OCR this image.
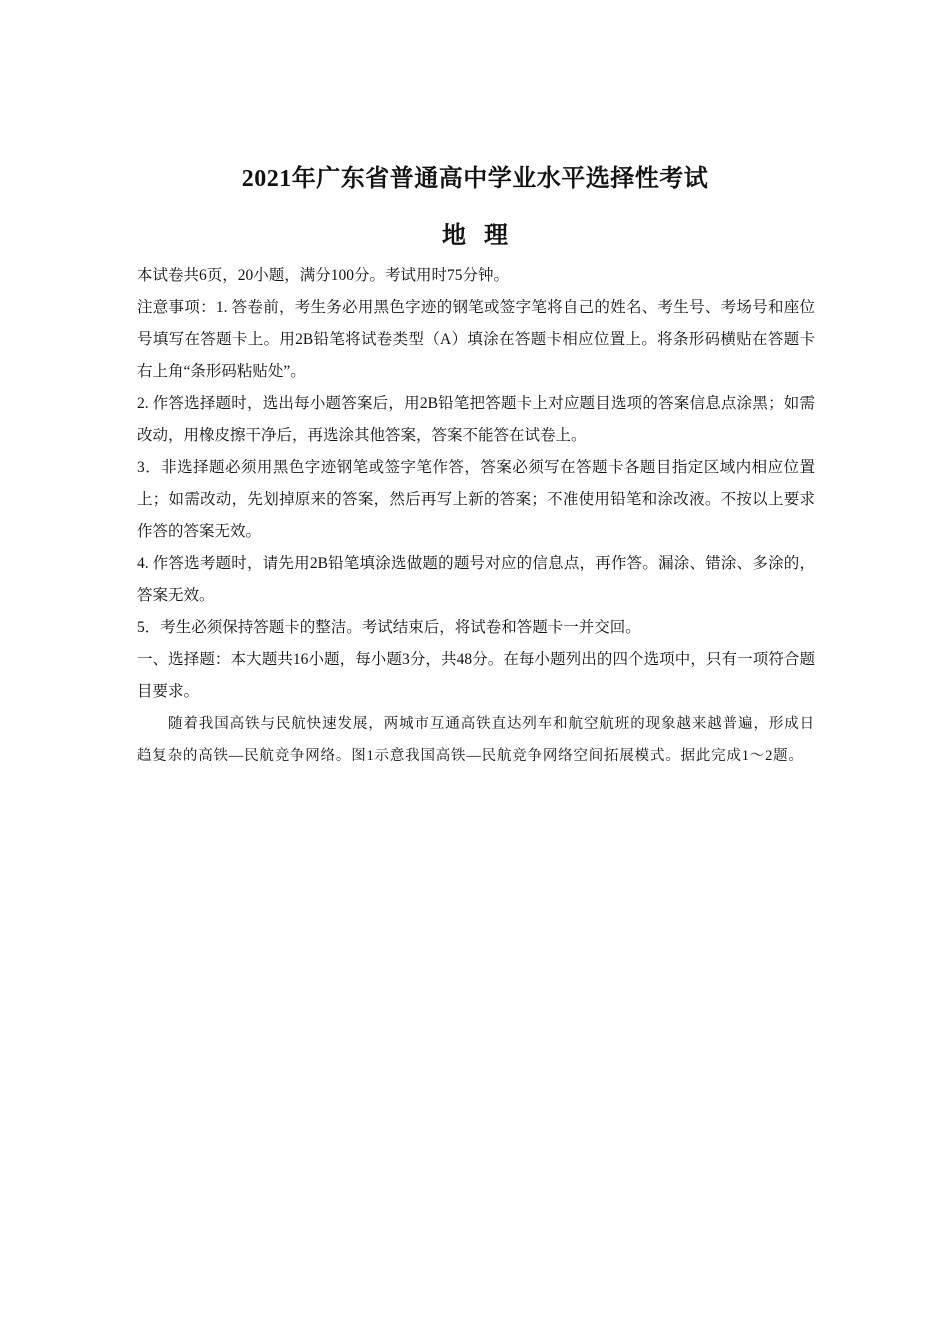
2021年广东省普通高中学业水平选择性考试
地理

本试卷共6页，20小题，满分100分。考试用时75分钟。

注意事项：1. 答卷前，考生务必用黑色字迹的钢笔或签字笔将自己的姓名、考生号、考场号和座位号填写在答题卡上。用2B铅笔将试卷类型（A）填涂在答题卡相应位置上。将条形码横贴在答题卡右上角“条形码粘贴处”。

2. 作答选择题时，选出每小题答案后，用2B铅笔把答题卡上对应题目选项的答案信息点涂黑；如需改动，用橡皮擦干净后，再选涂其他答案，答案不能答在试卷上。

3．非选择题必须用黑色字迹钢笔或签字笔作答，答案必须写在答题卡各题目指定区域内相应位置上；如需改动，先划掉原来的答案，然后再写上新的答案；不准使用铅笔和涂改液。不按以上要求作答的答案无效。

4. 作答选考题时，请先用2B铅笔填涂选做题的题号对应的信息点，再作答。漏涂、错涂、多涂的，答案无效。

5．考生必须保持答题卡的整洁。考试结束后，将试卷和答题卡一并交回。

一、选择题：本大题共16小题，每小题3分，共48分。在每小题列出的四个选项中，只有一项符合题目要求。

随着我国高铁与民航快速发展，两城市互通高铁直达列车和航空航班的现象越来越普遍，形成日趋复杂的高铁—民航竞争网络。图1示意我国高铁—民航竞争网络空间拓展模式。据此完成1～2题。
